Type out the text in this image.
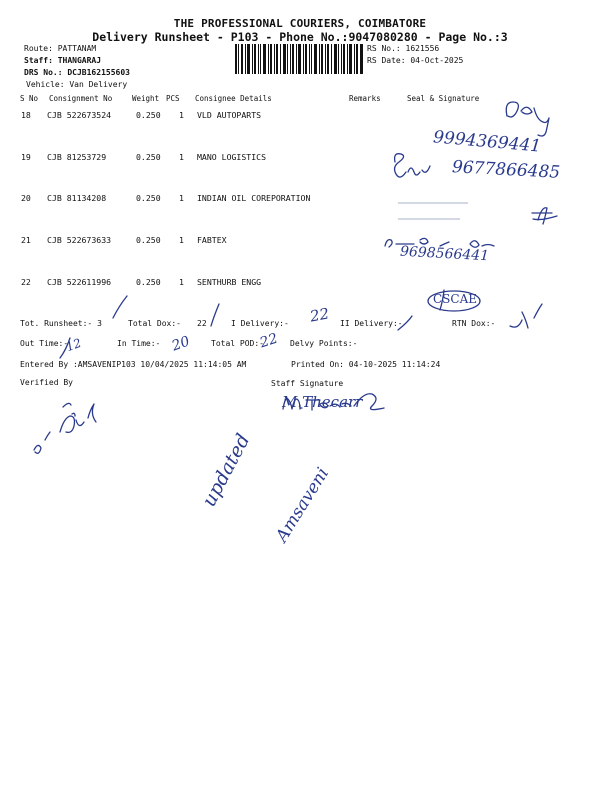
THE PROFESSIONAL COURIERS, COIMBATORE
Delivery Runsheet - P103 - Phone No.:9047080280 - Page No.:3
Route: PATTANAM
Staff: THANGARAJ
DRS No.: DCJB162155603
Vehicle: Van Delivery
RS No.: 1621556
RS Date: 04-Oct-2025
S No Consignment No	Weight PCS Consignee Details	Remarks	Seal & Signature
18 CJB 522673524	0.250 1 VLD AUTOPARTS
19 CJB 81253729	0.250 1 MANO LOGISTICS
20 CJB 81134208	0.250 1 INDIAN OIL COREPORATION
21 CJB 522673633	0.250 1 FABTEX
22 CJB 522611996	0.250 1 SENTHURB ENGG
Tot. Runsheet:- 3	Total Dox:- 22	I Delivery:-	II Delivery:-	RTN Dox:-
Out Time:-	In Time:-	Total POD:-	Delvy Points:-
Entered By :AMSAVENIP103 10/04/2025 11:14:05 AM	Printed On: 04-10-2025 11:14:24
Verified By	Staff Signature
9994369441
9677866485
9698566441
22
12	20	22
CSCAE
M.Thecarr
updated Amsaveni
